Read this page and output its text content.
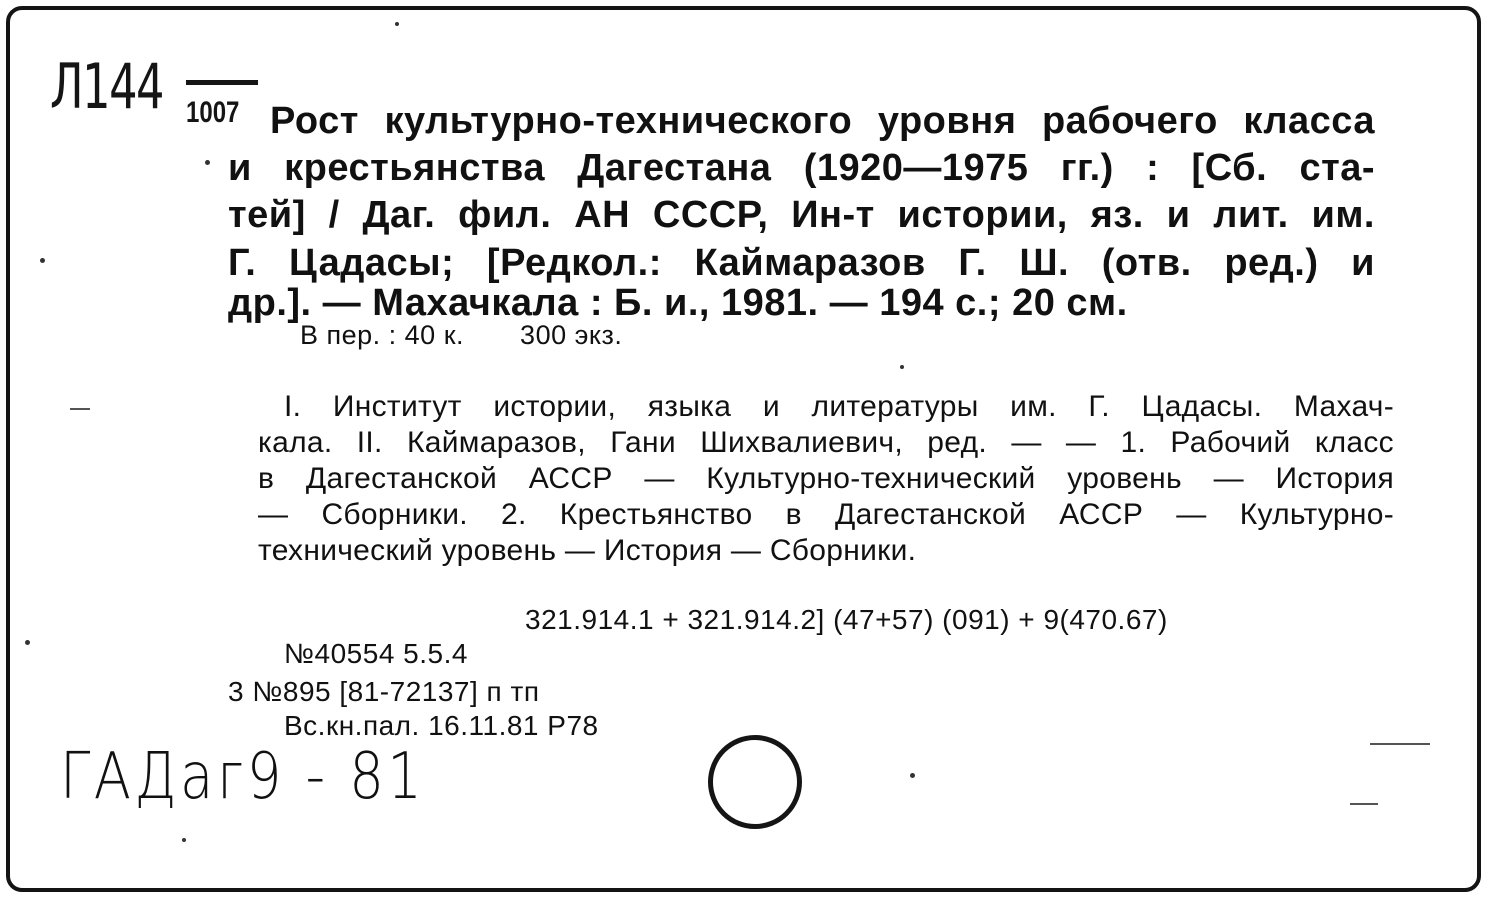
Л144 1007 Рост культурно-технического уровня рабочего класса
и крестьянства Дагестана (1920—1975 гг.) : [Сб. ста-
тей] / Даг. фил. АН СССР, Ин-т истории, яз. и лит. им.
Г. Цадасы; [Редкол.: Каймаразов Г. Ш. (отв. ред.) и
др.]. — Махачкала : Б. и., 1981. — 194 с.; 20 см.
В пер. : 40 к. 300 экз.
I. Институт истории, языка и литературы им. Г. Цадасы. Махач-
кала. II. Каймаразов, Гани Шихвалиевич, ред. — — 1. Рабочий класс
в Дагестанской АССР — Культурно-технический уровень — История
— Сборники. 2. Крестьянство в Дагестанской АССР — Культурно-
технический уровень — История — Сборники.
321.914.1 + 321.914.2] (47+57) (091) + 9(470.67)
№40554 5.5.4
3 №895 [81-72137] п тп
Вс.кн.пал. 16.11.81 Р78
ГАДаг9 - 81
